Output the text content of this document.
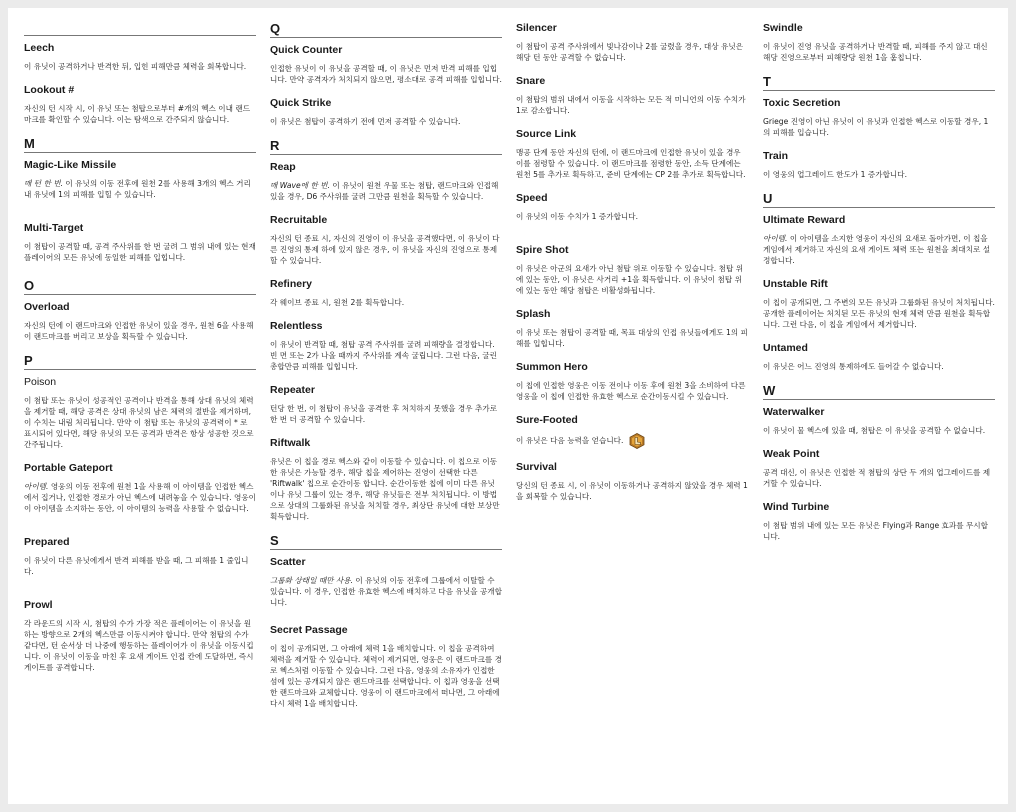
Leech
이 유닛이 공격하거나 반격한 뒤, 입힌 피해만큼 체력을 회복합니다.
Lookout #
자신의 턴 시작 시, 이 유닛 또는 첨탑으로부터 #개의 헥스 이내 랜드마크를 확인할 수 있습니다. 이는 탐색으로 간주되지 않습니다.
M
Magic-Like Missile
매 턴 한 번. 이 유닛의 이동 전후에 원천 2를 사용해 3개의 헥스 거리 내 유닛에 1의 피해를 입힐 수 있습니다.
Multi-Target
이 첨탑이 공격할 때, 공격 주사위를 한 번 굴려 그 범위 내에 있는 현재 플레이어의 모든 유닛에 동일한 피해를 입힙니다.
O
Overload
자신의 턴에 이 랜드마크와 인접한 유닛이 있을 경우, 원천 6을 사용해 이 랜드마크를 버리고 보상을 획득할 수 있습니다.
P
Poison
이 첨탑 또는 유닛이 성공적인 공격이나 반격을 통해 상대 유닛의 체력을 제거할 때, 해당 공격은 상대 유닛의 남은 체력의 절반을 제거하며, 이 수치는 내림 처리됩니다. 만약 이 첨탑 또는 유닛의 공격력이 * 로 표시되어 있다면, 해당 유닛의 모든 공격과 반격은 항상 성공한 것으로 간주됩니다.
Portable Gateport
아이템. 영웅의 이동 전후에 원천 1을 사용해 이 아이템을 인접한 헥스에서 집거나, 인접한 경로가 아닌 헥스에 내려놓을 수 있습니다. 영웅이 이 아이템을 소지하는 동안, 이 아이템의 능력을 사용할 수 없습니다.
Prepared
이 유닛이 다른 유닛에게서 반격 피해를 받을 때, 그 피해를 1 줄입니다.
Prowl
각 라운드의 시작 시, 첨탑의 수가 가장 적은 플레이어는 이 유닛을 원하는 방향으로 2개의 헥스만큼 이동시켜야 합니다. 만약 첨탑의 수가 같다면, 턴 순서상 더 나중에 행동하는 플레이어가 이 유닛을 이동시킵니다. 이 유닛이 이동을 마친 후 요새 게이트 인접 칸에 도달하면, 즉시 게이트를 공격합니다.
Q
Quick Counter
인접한 유닛이 이 유닛을 공격할 때, 이 유닛은 먼저 반격 피해를 입힙니다. 만약 공격자가 처치되지 않으면, 평소대로 공격 피해를 입힙니다.
Quick Strike
이 유닛은 첨탑이 공격하기 전에 먼저 공격할 수 있습니다.
R
Reap
매 Wave에 한 번. 이 유닛이 원천 우물 또는 첨탑, 랜드마크와 인접해 있을 경우, D6 주사위를 굴려 그만큼 원천을 획득할 수 있습니다.
Recruitable
자신의 턴 종료 시, 자신의 진영이 이 유닛을 공격했다면, 이 유닛이 다른 진영의 통제 하에 있지 않은 경우, 이 유닛을 자신의 진영으로 통제할 수 있습니다.
Refinery
각 웨이브 종료 시, 원천 2를 획득합니다.
Relentless
이 유닛이 반격할 때, 첨탑 공격 주사위를 굴려 피해량을 결정합니다. 빈 면 또는 2가 나올 때까지 주사위를 계속 굴립니다. 그런 다음, 굴린 총합만큼 피해를 입힙니다.
Repeater
턴당 한 번, 이 첨탑이 유닛을 공격한 후 처치하지 못했을 경우 추가로 한 번 더 공격할 수 있습니다.
Riftwalk
유닛은 이 칩을 경로 헥스와 같이 이동할 수 있습니다. 이 칩으로 이동한 유닛은 가능할 경우, 해당 칩을 제어하는 진영이 선택한 다른 'Riftwalk' 칩으로 순간이동 합니다. 순간이동한 칩에 이미 다른 유닛이나 유닛 그룹이 있는 경우, 해당 유닛들은 전부 처치됩니다. 이 방법으로 상대의 그룹화된 유닛을 처치할 경우, 최상단 유닛에 대한 보상만 획득합니다.
S
Scatter
그룹화 상태일 때만 사용. 이 유닛의 이동 전후에 그룹에서 이탈할 수 있습니다. 이 경우, 인접한 유효한 헥스에 배치하고 다음 유닛을 공개합니다.
Secret Passage
이 칩이 공개되면, 그 아래에 체력 1을 배치합니다. 이 칩을 공격하여 체력을 제거할 수 있습니다. 체력이 제거되면, 영웅은 이 랜드마크를 경로 헥스처럼 이동할 수 있습니다. 그런 다음, 영웅의 소유자가 인접한 섬에 있는 공개되지 않은 랜드마크를 선택합니다. 이 칩과 영웅을 선택한 랜드마크와 교체합니다. 영웅이 이 랜드마크에서 떠나면, 그 아래에 다시 체력 1을 배치합니다.
Silencer
이 첨탑이 공격 주사위에서 빛나감이나 2를 굴렸을 경우, 대상 유닛은 해당 턴 동안 공격할 수 없습니다.
Snare
이 첨탑의 범위 내에서 이동을 시작하는 모든 적 미니언의 이동 수치가 1로 감소합니다.
Source Link
맹공 단계 동안 자신의 턴에, 이 랜드마크에 인접한 유닛이 있을 경우 이를 점령할 수 있습니다. 이 랜드마크를 점령한 동안, 소득 단계에는 원천 5를 추가로 획득하고, 준비 단계에는 CP 2를 추가로 획득합니다.
Speed
이 유닛의 이동 수치가 1 증가합니다.
Spire Shot
이 유닛은 아군의 요새가 아닌 첨탑 위로 이동할 수 있습니다. 첨탑 위에 있는 동안, 이 유닛은 사거리 +1을 획득합니다. 이 유닛이 첨탑 위에 있는 동안 해당 첨탑은 비활성화됩니다.
Splash
이 유닛 또는 첨탑이 공격할 때, 목표 대상의 인접 유닛들에게도 1의 피해를 입힙니다.
Summon Hero
이 칩에 인접한 영웅은 이동 전이나 이동 후에 원천 3을 소비하여 다른 영웅을 이 칩에 인접한 유효한 헥스로 순간이동시킬 수 있습니다.
Sure-Footed
이 유닛은 다음 능력을 얻습니다.
Survival
당신의 턴 종료 시, 이 유닛이 이동하거나 공격하지 않았을 경우 체력 1을 회복할 수 있습니다.
Swindle
이 유닛이 진영 유닛을 공격하거나 반격할 때, 피해를 주지 않고 대신 해당 진영으로부터 피해량당 원천 1을 훔칩니다.
T
Toxic Secretion
Griege 진영이 아닌 유닛이 이 유닛과 인접한 헥스로 이동할 경우, 1의 피해를 입습니다.
Train
이 영웅의 업그레이드 한도가 1 증가합니다.
U
Ultimate Reward
아이템. 이 아이템을 소지한 영웅이 자신의 요새로 돌아가면, 이 칩을 게임에서 제거하고 자신의 요새 게이트 체력 또는 원천을 최대치로 설정합니다.
Unstable Rift
이 칩이 공개되면, 그 주변의 모든 유닛과 그룹화된 유닛이 처치됩니다. 공개한 플레이어는 처치된 모든 유닛의 현재 체력 만큼 원천을 획득합니다. 그런 다음, 이 칩을 게임에서 제거합니다.
Untamed
이 유닛은 어느 진영의 통제하에도 들어갈 수 없습니다.
W
Waterwalker
이 유닛이 물 헥스에 있을 때, 첨탑은 이 유닛을 공격할 수 없습니다.
Weak Point
공격 대신, 이 유닛은 인접한 적 첨탑의 상단 두 개의 업그레이드를 제거할 수 있습니다.
Wind Turbine
이 첨탑 범위 내에 있는 모든 유닛은 Flying과 Range 효과를 무시합니다.
